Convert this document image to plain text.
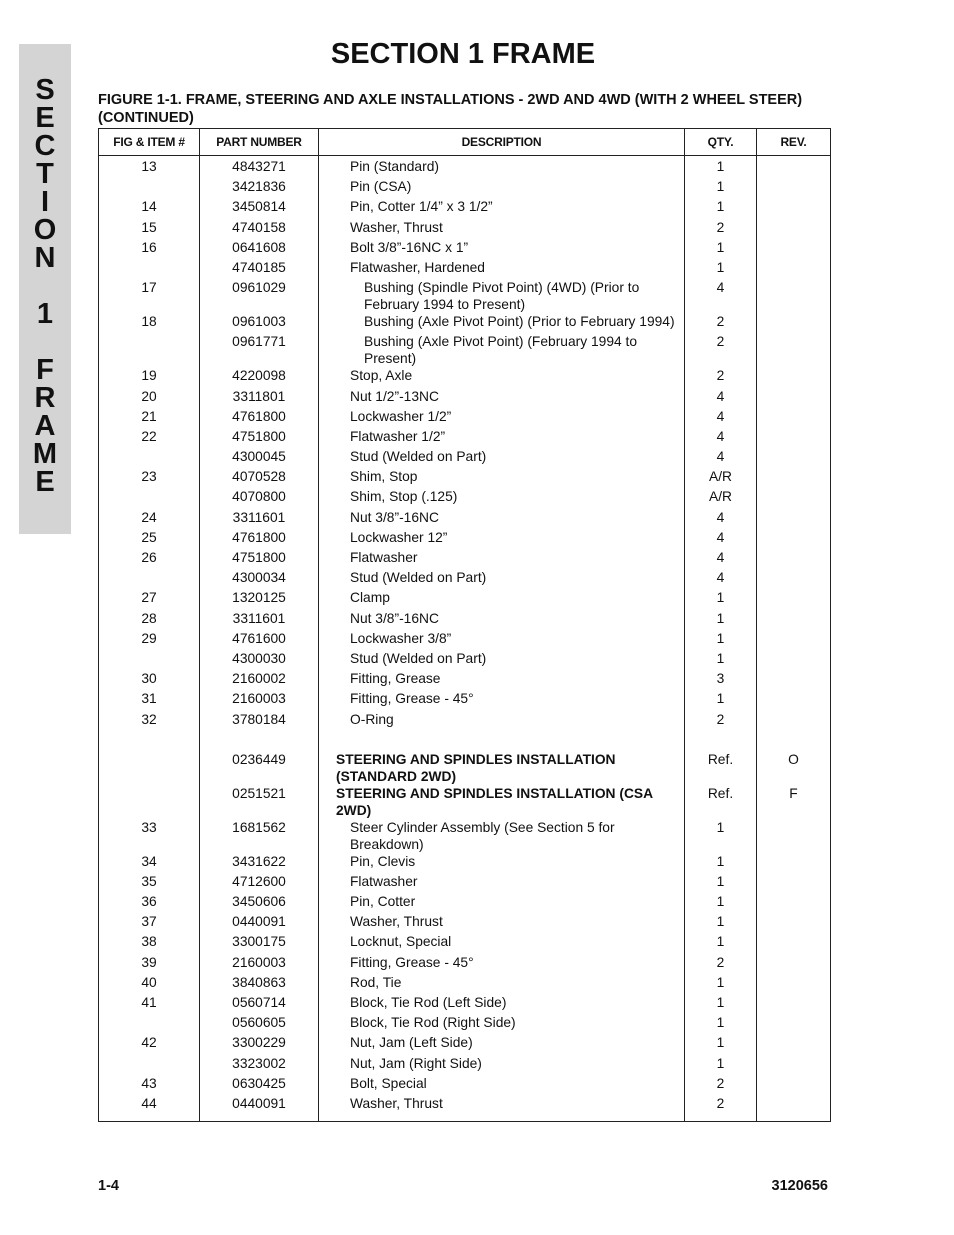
S
E
C
T
I
O
N
1
F
R
A
M
E
SECTION 1 FRAME
FIGURE 1-1. FRAME, STEERING AND AXLE INSTALLATIONS - 2WD AND 4WD (WITH 2 WHEEL STEER) (CONTINUED)
FIG & ITEM #	PART NUMBER	DESCRIPTION	QTY.	REV.
13	4843271	Pin (Standard)	1	
	3421836	Pin (CSA)	1	
14	3450814	Pin, Cotter 1/4” x 3 1/2”	1	
15	4740158	Washer, Thrust	2	
16	0641608	Bolt 3/8”-16NC x 1”	1	
	4740185	Flatwasher, Hardened	1	
17	0961029	Bushing (Spindle Pivot Point) (4WD) (Prior to February 1994 to Present)	4	
18	0961003	Bushing (Axle Pivot Point) (Prior to February 1994)	2	
	0961771	Bushing (Axle Pivot Point) (February 1994 to Present)	2	
19	4220098	Stop, Axle	2	
20	3311801	Nut 1/2”-13NC	4	
21	4761800	Lockwasher 1/2”	4	
22	4751800	Flatwasher 1/2”	4	
	4300045	Stud (Welded on Part)	4	
23	4070528	Shim, Stop	A/R	
	4070800	Shim, Stop (.125)	A/R	
24	3311601	Nut 3/8”-16NC	4	
25	4761800	Lockwasher 12”	4	
26	4751800	Flatwasher	4	
	4300034	Stud (Welded on Part)	4	
27	1320125	Clamp	1	
28	3311601	Nut 3/8”-16NC	1	
29	4761600	Lockwasher 3/8”	1	
	4300030	Stud (Welded on Part)	1	
30	2160002	Fitting, Grease	3	
31	2160003	Fitting, Grease - 45°	1	
32	3780184	O-Ring	2	

	0236449	STEERING AND SPINDLES INSTALLATION (STANDARD 2WD)	Ref.	O
	0251521	STEERING AND SPINDLES INSTALLATION (CSA 2WD)	Ref.	F
33	1681562	Steer Cylinder Assembly (See Section 5 for Breakdown)	1	
34	3431622	Pin, Clevis	1	
35	4712600	Flatwasher	1	
36	3450606	Pin, Cotter	1	
37	0440091	Washer, Thrust	1	
38	3300175	Locknut, Special	1	
39	2160003	Fitting, Grease - 45°	2	
40	3840863	Rod, Tie	1	
41	0560714	Block, Tie Rod (Left Side)	1	
	0560605	Block, Tie Rod (Right Side)	1	
42	3300229	Nut, Jam (Left Side)	1	
	3323002	Nut, Jam (Right Side)	1	
43	0630425	Bolt, Special	2	
44	0440091	Washer, Thrust	2	
1-4	3120656
